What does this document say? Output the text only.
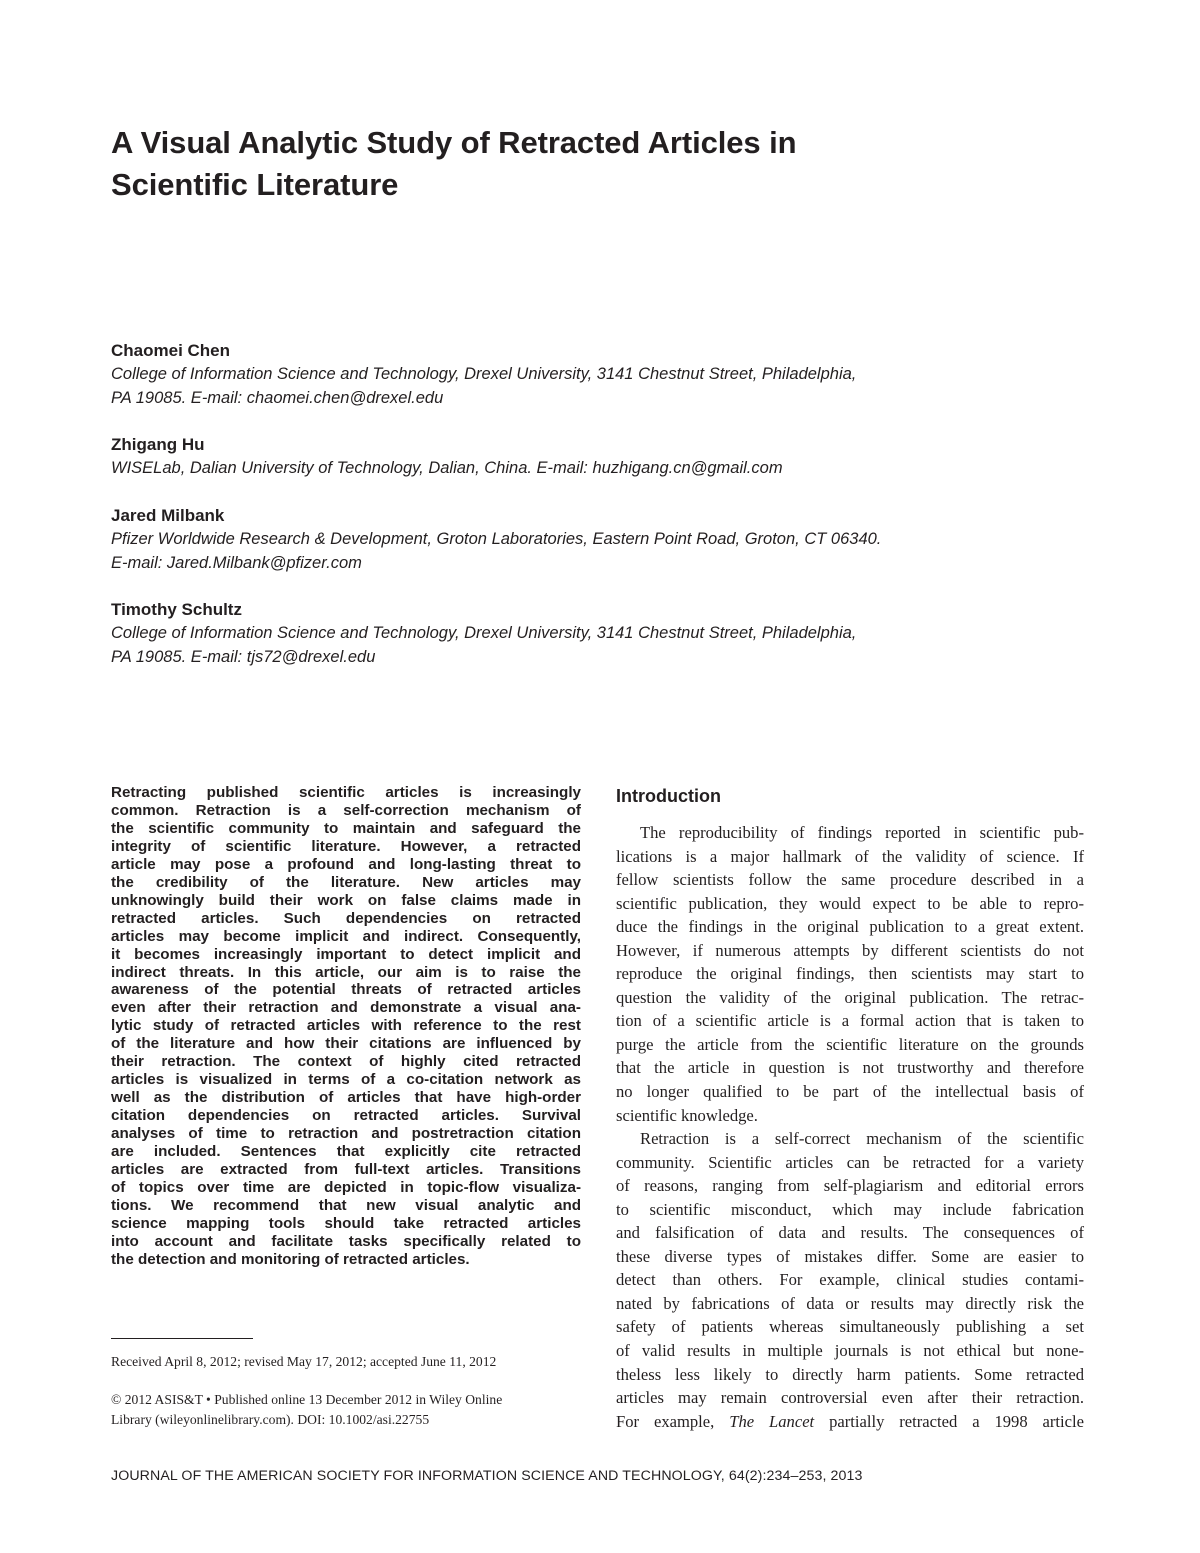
A Visual Analytic Study of Retracted Articles in
Scientific Literature

Chaomei Chen

College of Information Science and Technology, Drexel University, 3141 Chestnut Street, Philadelphia,
PA 19085. E-mail: chaomei.chen@drexel.edu

Zhigang Hu

WISELab, Dalian University of Technology, Dalian, China. E-mail: huzhigang.cn@gmail.com

Jared Milbank

Pfizer Worldwide Research & Development, Groton Laboratories, Eastern Point Road, Groton, CT 06340.
E-mail: Jared.Milbank@pfizer.com

Timothy Schultz

College of Information Science and Technology, Drexel University, 3141 Chestnut Street, Philadelphia,
PA 19085. E-mail: tjs72@drexel.edu

Retracting published scientific articles is increasingly
common. Retraction is a self-correction mechanism of
the scientific community to maintain and safeguard the
integrity of scientific literature. However, a retracted
article may pose a profound and long-lasting threat to
the credibility of the literature. New articles may
unknowingly build their work on false claims made in
retracted articles. Such dependencies on retracted
articles may become implicit and indirect. Consequently,
it becomes increasingly important to detect implicit and
indirect threats. In this article, our aim is to raise the
awareness of the potential threats of retracted articles
even after their retraction and demonstrate a visual ana-
lytic study of retracted articles with reference to the rest
of the literature and how their citations are influenced by
their retraction. The context of highly cited retracted
articles is visualized in terms of a co-citation network as
well as the distribution of articles that have high-order
citation dependencies on retracted articles. Survival
analyses of time to retraction and postretraction citation
are included. Sentences that explicitly cite retracted
articles are extracted from full-text articles. Transitions
of topics over time are depicted in topic-flow visualiza-
tions. We recommend that new visual analytic and
science mapping tools should take retracted articles
into account and facilitate tasks specifically related to
the detection and monitoring of retracted articles.
Received April 8, 2012; revised May 17, 2012; accepted June 11, 2012
© 2012 ASIS&T • Published online 13 December 2012 in Wiley Online
Library (wileyonlinelibrary.com). DOI: 10.1002/asi.22755
Introduction
The reproducibility of findings reported in scientific pub-
lications is a major hallmark of the validity of science. If
fellow scientists follow the same procedure described in a
scientific publication, they would expect to be able to repro-
duce the findings in the original publication to a great extent.
However, if numerous attempts by different scientists do not
reproduce the original findings, then scientists may start to
question the validity of the original publication. The retrac-
tion of a scientific article is a formal action that is taken to
purge the article from the scientific literature on the grounds
that the article in question is not trustworthy and therefore
no longer qualified to be part of the intellectual basis of
scientific knowledge.
Retraction is a self-correct mechanism of the scientific
community. Scientific articles can be retracted for a variety
of reasons, ranging from self-plagiarism and editorial errors
to scientific misconduct, which may include fabrication
and falsification of data and results. The consequences of
these diverse types of mistakes differ. Some are easier to
detect than others. For example, clinical studies contami-
nated by fabrications of data or results may directly risk the
safety of patients whereas simultaneously publishing a set
of valid results in multiple journals is not ethical but none-
theless less likely to directly harm patients. Some retracted
articles may remain controversial even after their retraction.
For example, The Lancet partially retracted a 1998 article
JOURNAL OF THE AMERICAN SOCIETY FOR INFORMATION SCIENCE AND TECHNOLOGY, 64(2):234–253, 2013
